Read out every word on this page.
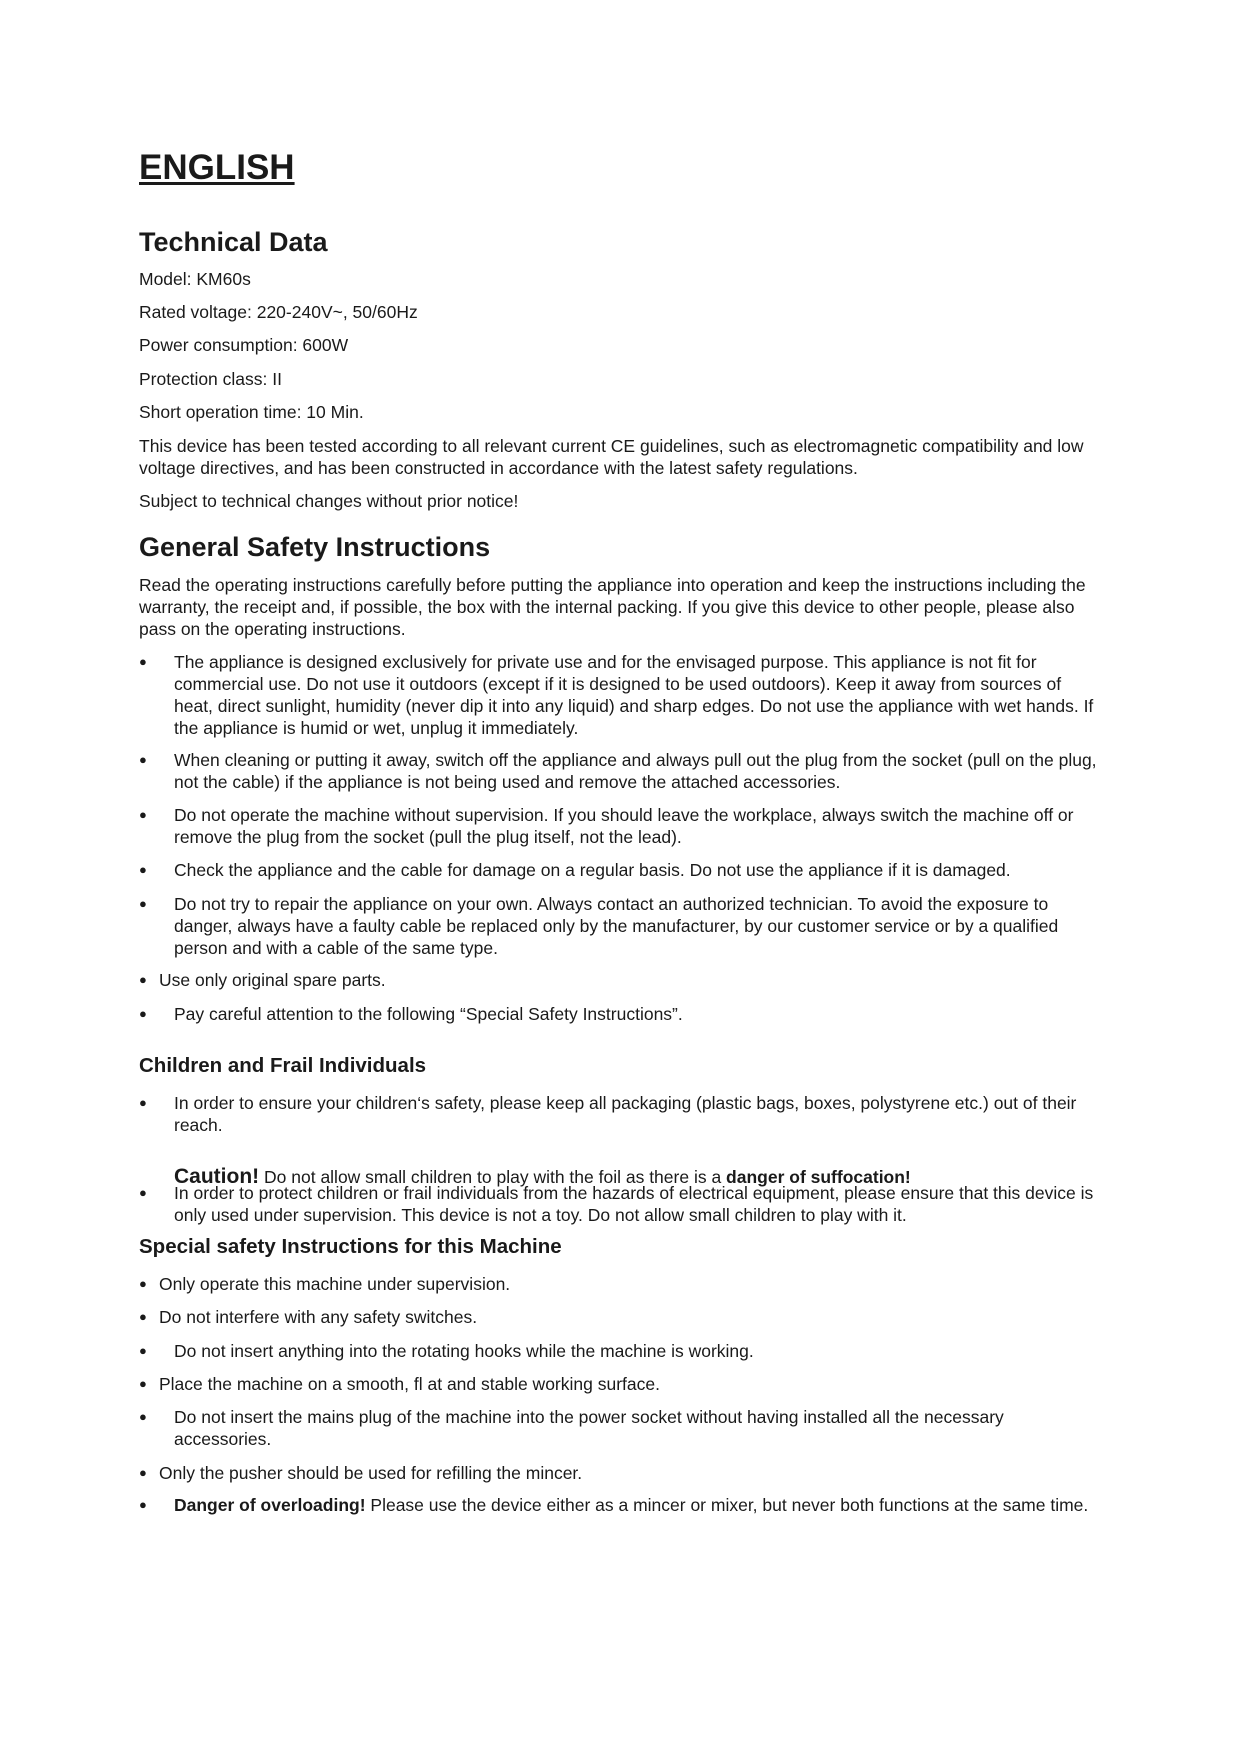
ENGLISH
Technical Data

Model: KM60s

Rated voltage: 220-240V~, 50/60Hz

Power consumption: 600W

Protection class: II

Short operation time: 10 Min.

This device has been tested according to all relevant current CE guidelines, such as electromagnetic compatibility and low voltage directives, and has been constructed in accordance with the latest safety regulations.

Subject to technical changes without prior notice!

General Safety Instructions

Read the operating instructions carefully before putting the appliance into operation and keep the instructions including the warranty, the receipt and, if possible, the box with the internal packing. If you give this device to other people, please also pass on the operating instructions.

● The appliance is designed exclusively for private use and for the envisaged purpose. This appliance is not fit for commercial use. Do not use it outdoors (except if it is designed to be used outdoors). Keep it away from sources of heat, direct sunlight, humidity (never dip it into any liquid) and sharp edges. Do not use the appliance with wet hands. If the appliance is humid or wet, unplug it immediately.
● When cleaning or putting it away, switch off the appliance and always pull out the plug from the socket (pull on the plug, not the cable) if the appliance is not being used and remove the attached accessories.
● Do not operate the machine without supervision. If you should leave the workplace, always switch the machine off or remove the plug from the socket (pull the plug itself, not the lead).
● Check the appliance and the cable for damage on a regular basis. Do not use the appliance if it is damaged.
● Do not try to repair the appliance on your own. Always contact an authorized technician. To avoid the exposure to danger, always have a faulty cable be replaced only by the manufacturer, by our customer service or by a qualified person and with a cable of the same type.
● Use only original spare parts.
● Pay careful attention to the following “Special Safety Instructions”.
Children and Frail Individuals
● In order to ensure your children‘s safety, please keep all packaging (plastic bags, boxes, polystyrene etc.) out of their reach.

Caution! Do not allow small children to play with the foil as there is a danger of suffocation!

● In order to protect children or frail individuals from the hazards of electrical equipment, please ensure that this device is only used under supervision. This device is not a toy. Do not allow small children to play with it.
Special safety Instructions for this Machine
● Only operate this machine under supervision.
● Do not interfere with any safety switches.
● Do not insert anything into the rotating hooks while the machine is working.
● Place the machine on a smooth, fl at and stable working surface.
● Do not insert the mains plug of the machine into the power socket without having installed all the necessary accessories.
● Only the pusher should be used for refilling the mincer.
● Danger of overloading! Please use the device either as a mincer or mixer, but never both functions at the same time.
